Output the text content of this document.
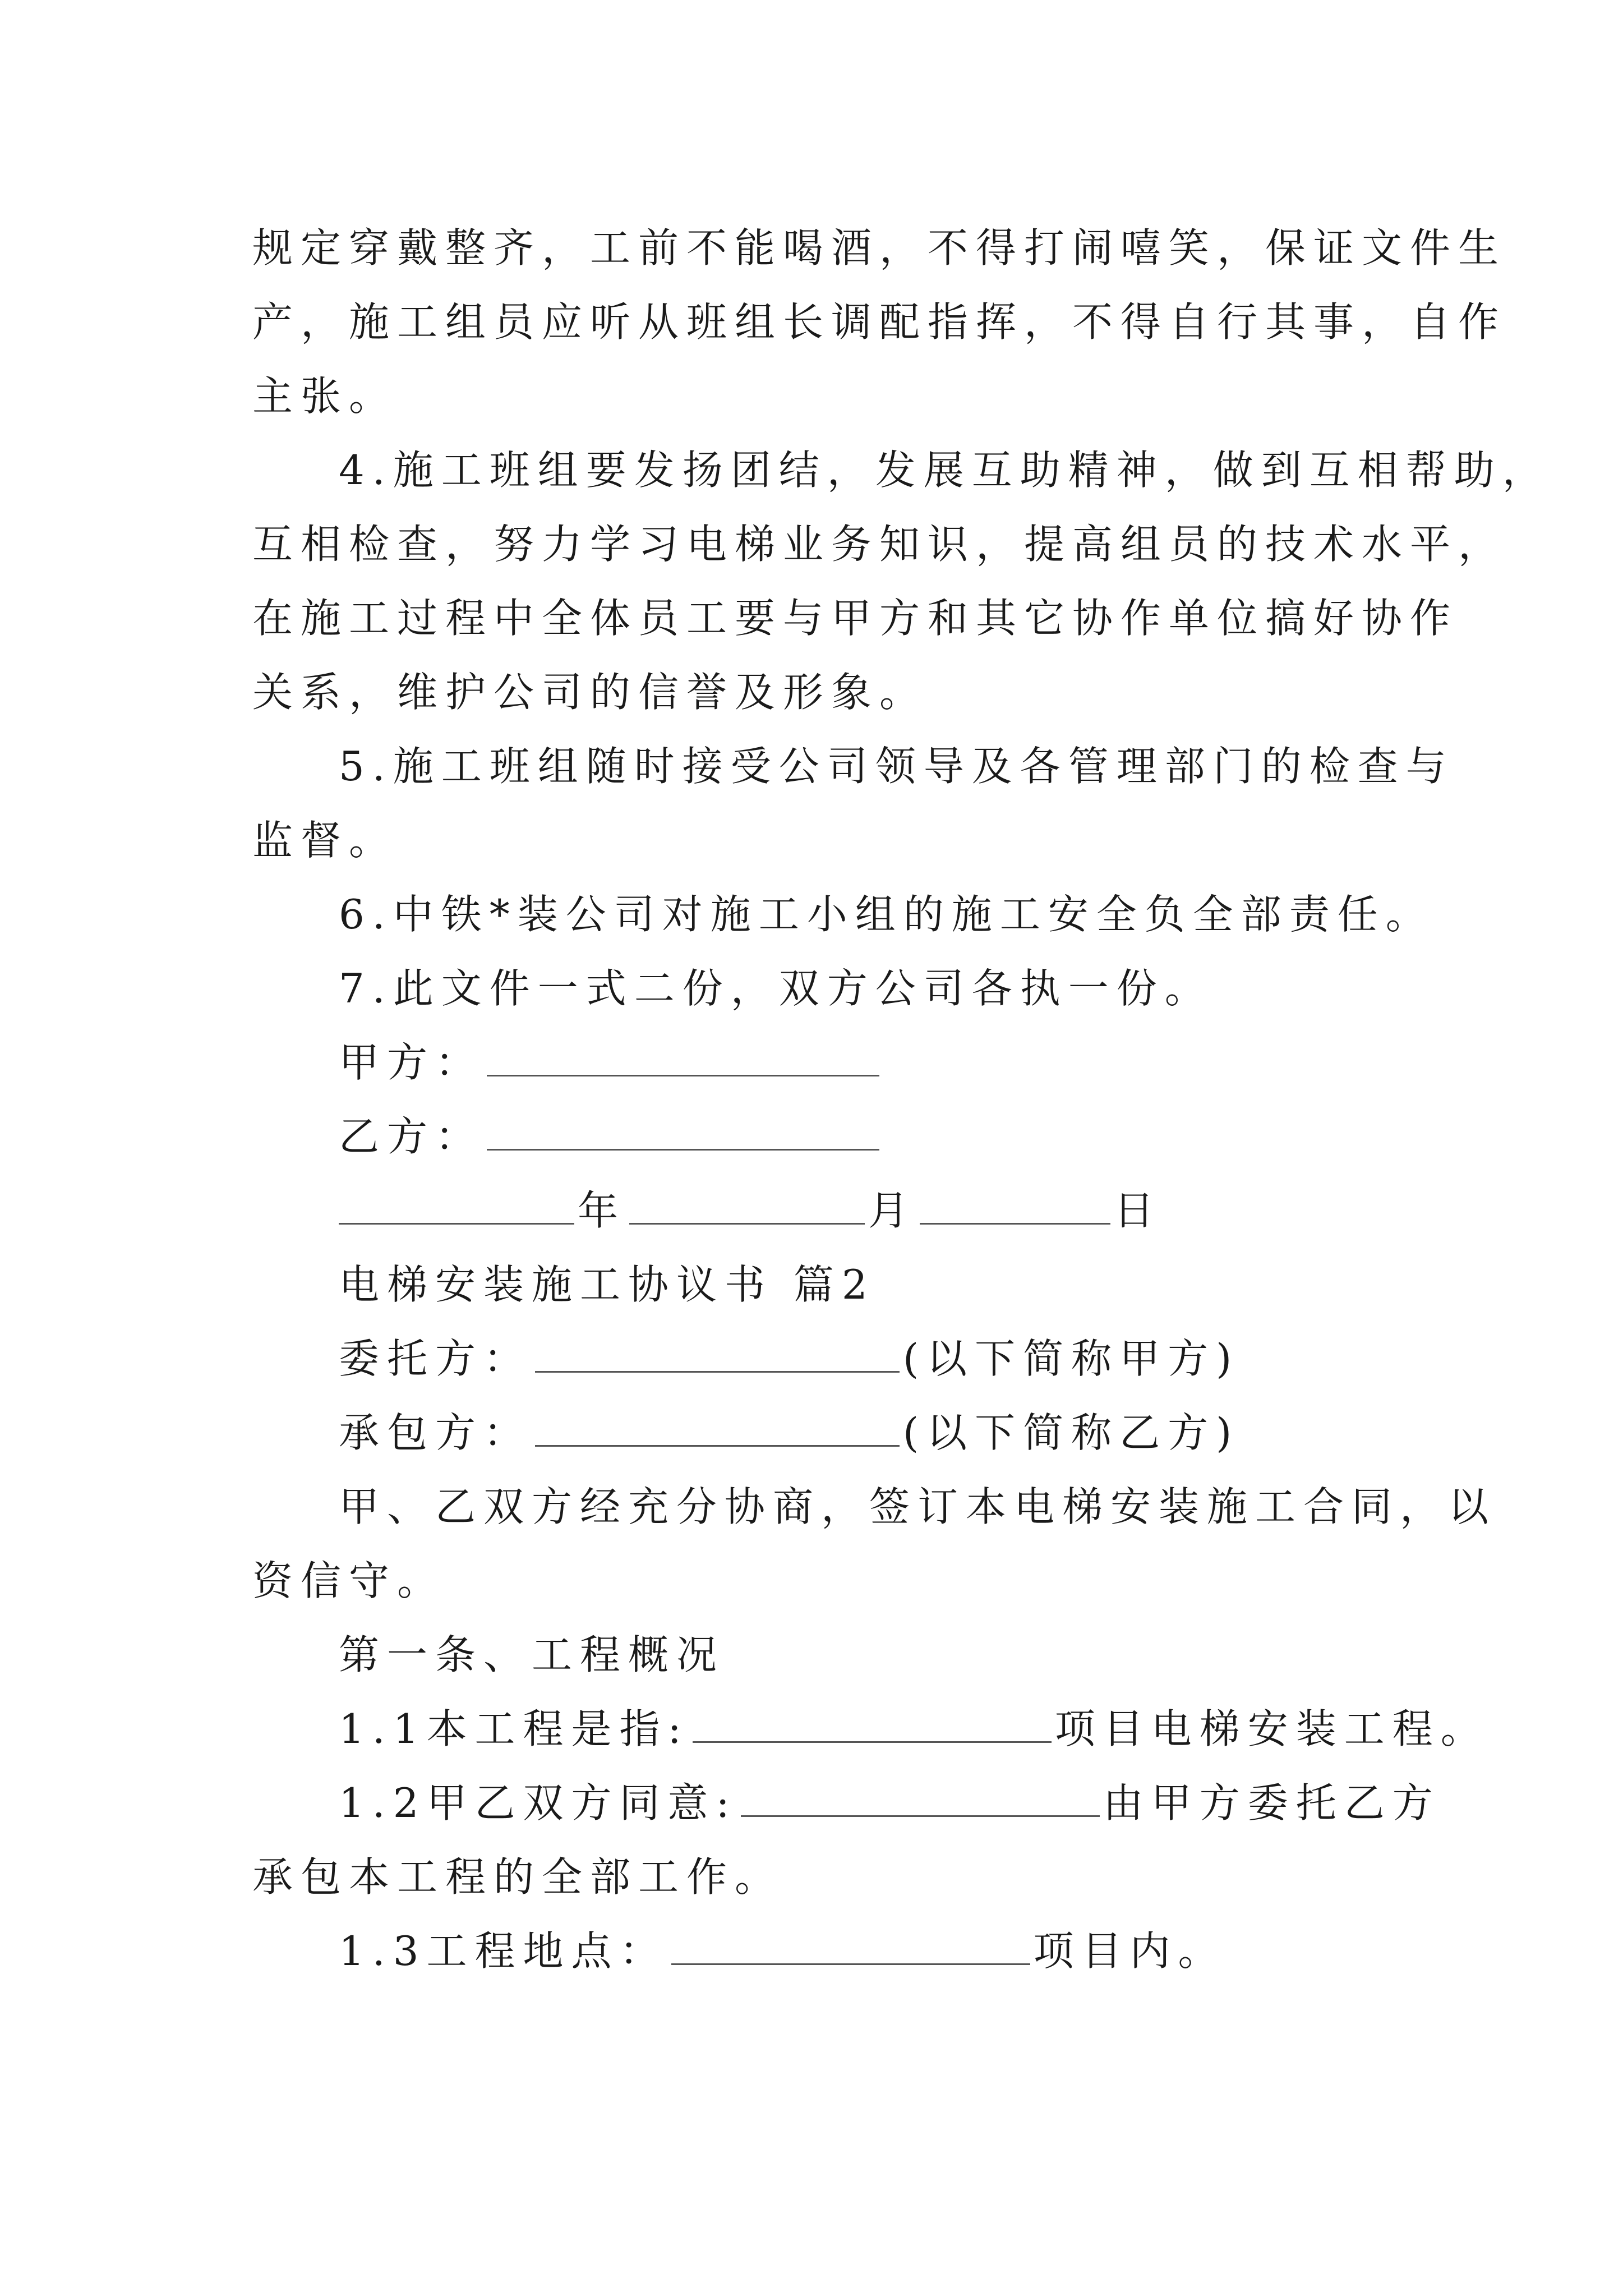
规定穿戴整齐，工前不能喝酒，不得打闹嘻笑，保证文件生
产，施工组员应听从班组长调配指挥，不得自行其事，自作
主张。
4.施工班组要发扬团结，发展互助精神，做到互相帮助，
互相检查，努力学习电梯业务知识，提高组员的技术水平，
在施工过程中全体员工要与甲方和其它协作单位搞好协作
关系，维护公司的信誉及形象。
5.施工班组随时接受公司领导及各管理部门的检查与
监督。
6.中铁*装公司对施工小组的施工安全负全部责任。
7.此文件一式二份，双方公司各执一份。
甲方：
乙方：
年	月	日
电梯安装施工协议书 篇2
委托方：	(以下简称甲方)
承包方：	(以下简称乙方)
甲、乙双方经充分协商，签订本电梯安装施工合同，以
资信守。
第一条、工程概况
1.1本工程是指:	项目电梯安装工程。
1.2甲乙双方同意:	由甲方委托乙方
承包本工程的全部工作。
1.3工程地点：	项目内。
